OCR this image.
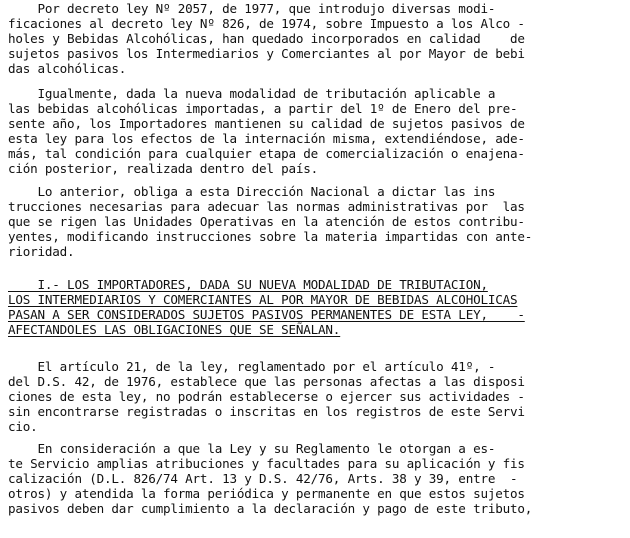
Por decreto ley Nº 2057, de 1977, que introdujo diversas modi-
ficaciones al decreto ley Nº 826, de 1974, sobre Impuesto a los Alco -
holes y Bebidas Alcohólicas, han quedado incorporados en calidad    de
sujetos pasivos los Intermediarios y Comerciantes al por Mayor de bebi
das alcohólicas.
Igualmente, dada la nueva modalidad de tributación aplicable a
las bebidas alcohólicas importadas, a partir del 1º de Enero del pre-
sente año, los Importadores mantienen su calidad de sujetos pasivos de
esta ley para los efectos de la internación misma, extendiéndose, ade-
más, tal condición para cualquier etapa de comercialización o enajena-
ción posterior, realizada dentro del país.
Lo anterior, obliga a esta Dirección Nacional a dictar las ins
trucciones necesarias para adecuar las normas administrativas por  las
que se rigen las Unidades Operativas en la atención de estos contribu-
yentes, modificando instrucciones sobre la materia impartidas con ante-
rioridad.
I.- LOS IMPORTADORES, DADA SU NUEVA MODALIDAD DE TRIBUTACION,
LOS INTERMEDIARIOS Y COMERCIANTES AL POR MAYOR DE BEBIDAS ALCOHOLICAS
PASAN A SER CONSIDERADOS SUJETOS PASIVOS PERMANENTES DE ESTA LEY,    -
AFECTANDOLES LAS OBLIGACIONES QUE SE SEÑALAN.
El artículo 21, de la ley, reglamentado por el artículo 41º, -
del D.S. 42, de 1976, establece que las personas afectas a las disposi
ciones de esta ley, no podrán establecerse o ejercer sus actividades -
sin encontrarse registradas o inscritas en los registros de este Servi
cio.
En consideración a que la Ley y su Reglamento le otorgan a es-
te Servicio amplias atribuciones y facultades para su aplicación y fis
calización (D.L. 826/74 Art. 13 y D.S. 42/76, Arts. 38 y 39, entre  -
otros) y atendida la forma periódica y permanente en que estos sujetos
pasivos deben dar cumplimiento a la declaración y pago de este tributo,
